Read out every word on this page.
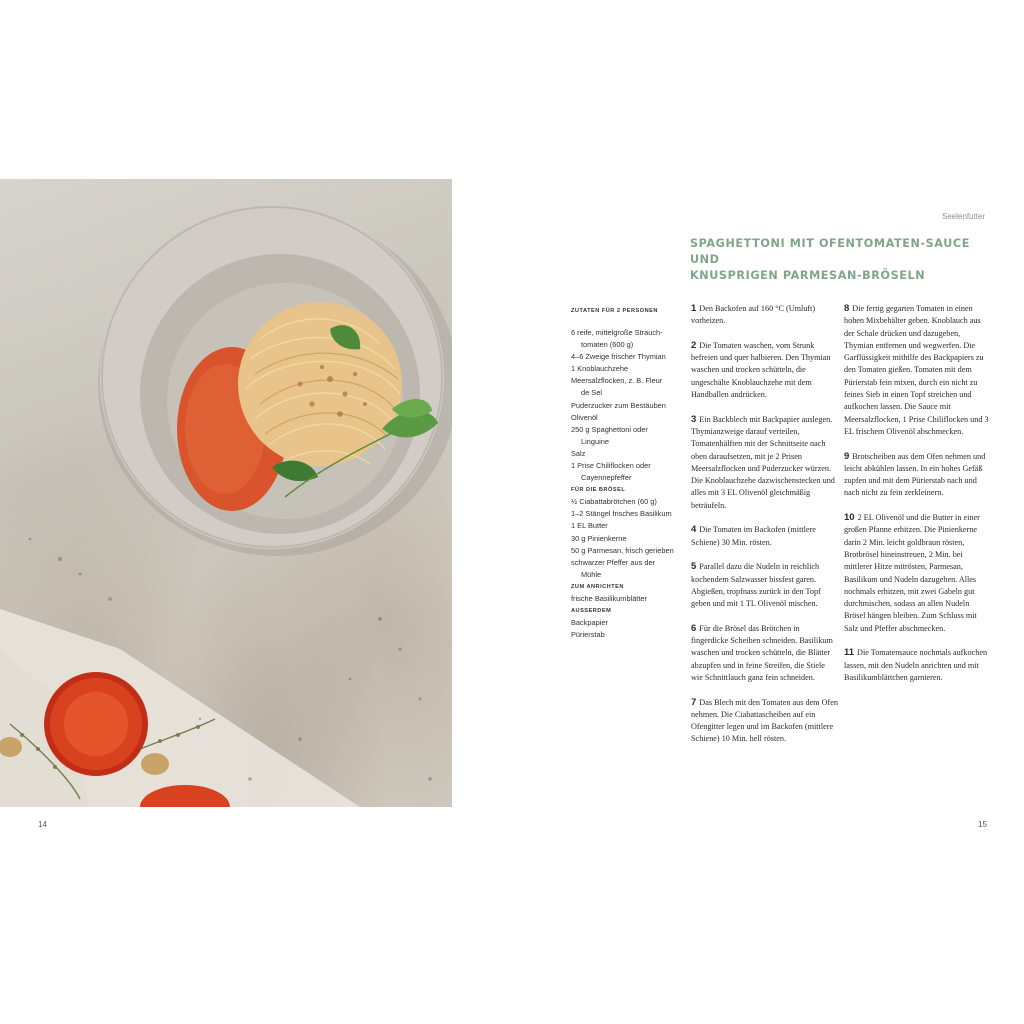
14
Seelenfutter
SPAGHETTONI MIT OFENTOMATEN-SAUCE UND
KNUSPRIGEN PARMESAN-BRÖSELN
ZUTATEN FÜR 2 PERSONEN
6 reife, mittelgroße Strauch-
tomaten (600 g)
4–6 Zweige frischer Thymian
1 Knoblauchzehe
Meersalzflocken, z. B. Fleur
de Sel
Puderzucker zum Bestäuben
Olivenöl
250 g Spaghettoni oder
Linguine
Salz
1 Prise Chiliflocken oder
Cayennepfeffer
FÜR DIE BRÖSEL
½ Ciabattabrötchen (60 g)
1–2 Stängel frisches Basilikum
1 EL Butter
30 g Pinienkerne
50 g Parmesan, frisch gerieben
schwarzer Pfeffer aus der
Mühle
ZUM ANRICHTEN
frische Basilikumblätter
AUSSERDEM
Backpapier
Pürierstab

1 Den Backofen auf 160 °C (Umluft) vorheizen.

2 Die Tomaten waschen, vom Strunk befreien und quer halbieren. Den Thymian waschen und trocken schütteln, die ungeschälte Knoblauchzehe mit dem Handballen andrücken.

3 Ein Backblech mit Backpapier auslegen. Thymianzweige darauf verteilen, Tomatenhälften mit der Schnittseite nach oben daraufsetzen, mit je 2 Prisen Meersalzflocken und Puderzucker würzen. Die Knoblauchzehe dazwischenstecken und alles mit 3 EL Olivenöl gleichmäßig beträufeln.

4 Die Tomaten im Backofen (mittlere Schiene) 30 Min. rösten.

5 Parallel dazu die Nudeln in reichlich kochendem Salzwasser bissfest garen. Abgießen, tropfnass zurück in den Topf geben und mit 1 TL Olivenöl mischen.

6 Für die Brösel das Brötchen in fingerdicke Scheiben schneiden. Basilikum waschen und trocken schütteln, die Blätter abzupfen und in feine Streifen, die Stiele wie Schnittlauch ganz fein schneiden.

7 Das Blech mit den Tomaten aus dem Ofen nehmen. Die Ciabattascheiben auf ein Ofengitter legen und im Backofen (mittlere Schiene) 10 Min. hell rösten.

8 Die fertig gegarten Tomaten in einen hohen Mixbehälter geben. Knoblauch aus der Schale drücken und dazugeben, Thymian entfernen und wegwerfen. Die Garflüssigkeit mithilfe des Backpapiers zu den Tomaten gießen. Tomaten mit dem Pürierstab fein mixen, durch ein nicht zu feines Sieb in einen Topf streichen und aufkochen lassen. Die Sauce mit Meersalzflocken, 1 Prise Chiliflocken und 3 EL frischem Olivenöl abschmecken.

9 Brotscheiben aus dem Ofen nehmen und leicht abkühlen lassen. In ein hohes Gefäß zupfen und mit dem Pürierstab nach und nach nicht zu fein zerkleinern.

10 2 EL Olivenöl und die Butter in einer großen Pfanne erhitzen. Die Pinienkerne darin 2 Min. leicht goldbraun rösten, Brotbrösel hineinstreuen, 2 Min. bei mittlerer Hitze mitrösten, Parmesan, Basilikum und Nudeln dazugeben. Alles nochmals erhitzen, mit zwei Gabeln gut durchmischen, sodass an allen Nudeln Brösel hängen bleiben. Zum Schluss mit Salz und Pfeffer abschmecken.

11 Die Tomatensauce nochmals aufkochen lassen, mit den Nudeln anrichten und mit Basilikumblättchen garnieren.

15
